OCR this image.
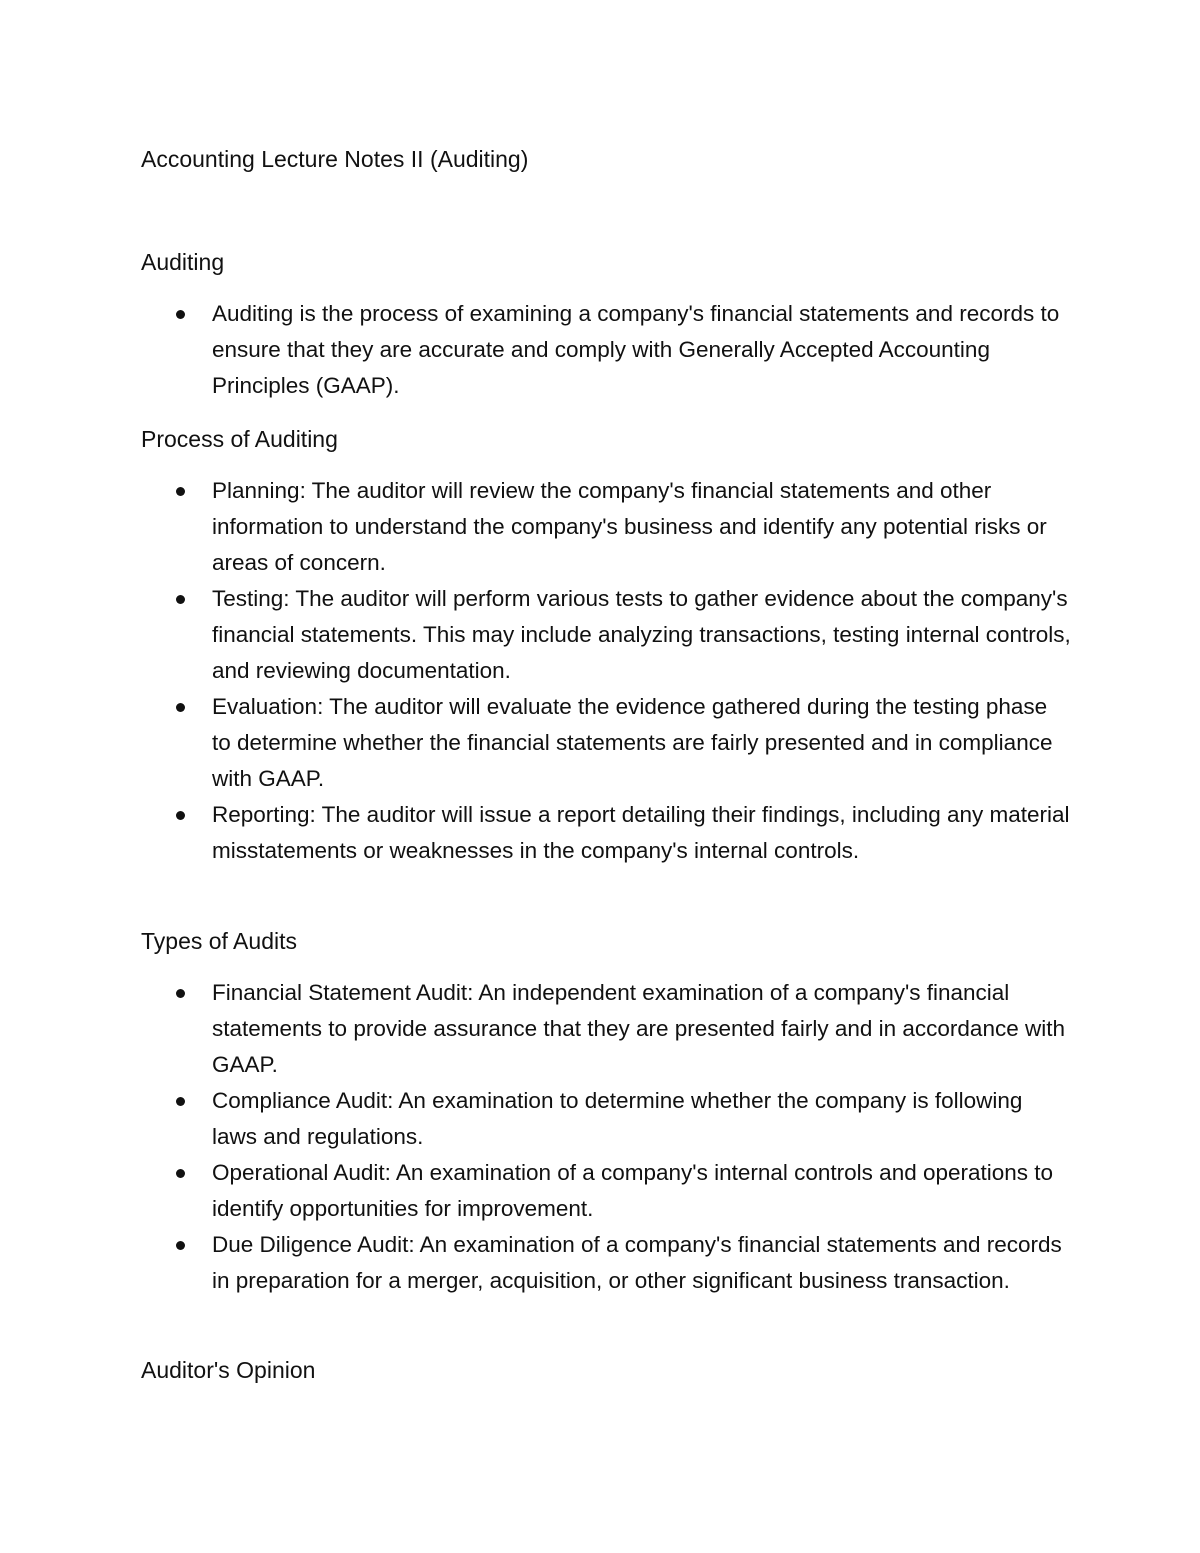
Accounting Lecture Notes II (Auditing)
Auditing
Auditing is the process of examining a company's financial statements and records to ensure that they are accurate and comply with Generally Accepted Accounting Principles (GAAP).
Process of Auditing
Planning: The auditor will review the company's financial statements and other information to understand the company's business and identify any potential risks or areas of concern.
Testing: The auditor will perform various tests to gather evidence about the company's financial statements. This may include analyzing transactions, testing internal controls, and reviewing documentation.
Evaluation: The auditor will evaluate the evidence gathered during the testing phase to determine whether the financial statements are fairly presented and in compliance with GAAP.
Reporting: The auditor will issue a report detailing their findings, including any material misstatements or weaknesses in the company's internal controls.
Types of Audits
Financial Statement Audit: An independent examination of a company's financial statements to provide assurance that they are presented fairly and in accordance with GAAP.
Compliance Audit: An examination to determine whether the company is following laws and regulations.
Operational Audit: An examination of a company's internal controls and operations to identify opportunities for improvement.
Due Diligence Audit: An examination of a company's financial statements and records in preparation for a merger, acquisition, or other significant business transaction.
Auditor's Opinion
